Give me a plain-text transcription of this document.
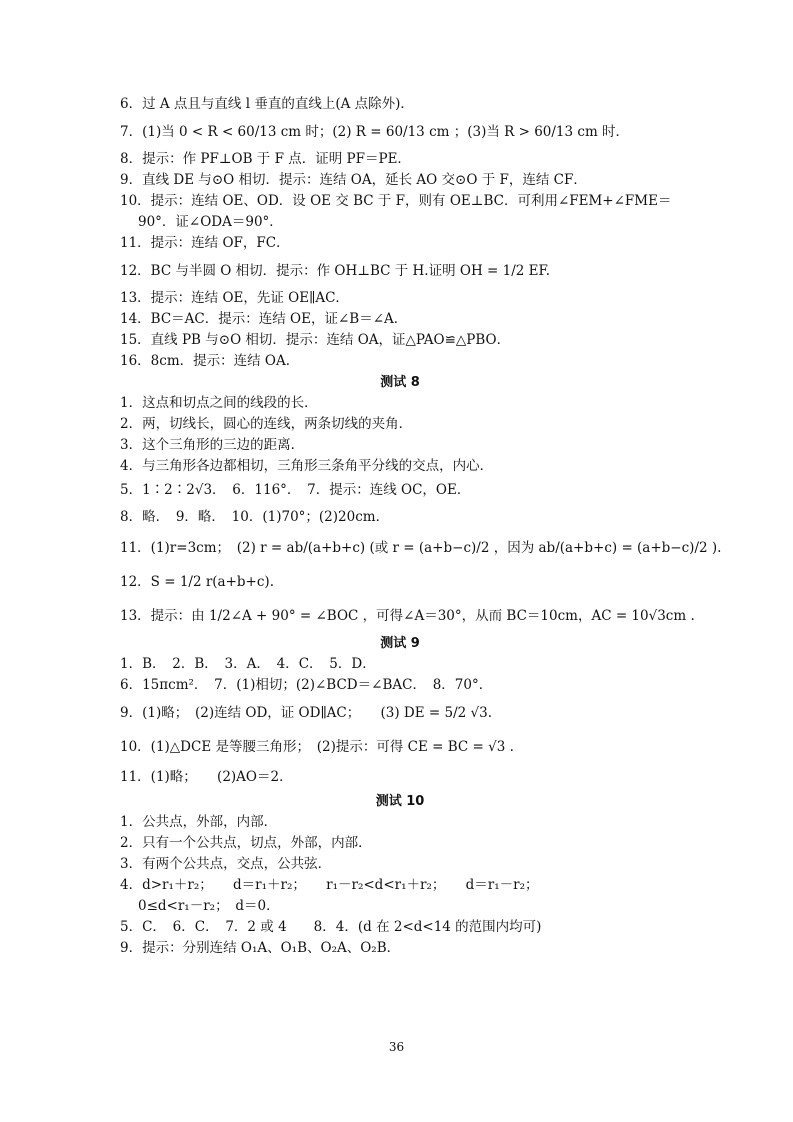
6．过 A 点且与直线 l 垂直的直线上(A 点除外)．
7．(1)当 0 < R < 60/13 cm 时；(2) R = 60/13 cm ；(3)当 R > 60/13 cm 时．
8．提示：作 PF⊥OB 于 F 点．证明 PF＝PE．
9．直线 DE 与⊙O 相切．提示：连结 OA，延长 AO 交⊙O 于 F，连结 CF．
10．提示：连结 OE、OD．设 OE 交 BC 于 F，则有 OE⊥BC．可利用∠FEM+∠FME＝
90°．证∠ODA＝90°．
11．提示：连结 OF，FC．
12．BC 与半圆 O 相切．提示：作 OH⊥BC 于 H.证明 OH = 1/2 EF.
13．提示：连结 OE，先证 OE∥AC．
14．BC＝AC．提示：连结 OE，证∠B＝∠A．
15．直线 PB 与⊙O 相切．提示：连结 OA，证△PAO≌△PBO．
16．8cm．提示：连结 OA．
测试 8
1．这点和切点之间的线段的长．
2．两，切线长，圆心的连线，两条切线的夹角．
3．这个三角形的三边的距离．
4．与三角形各边都相切，三角形三条角平分线的交点，内心．
5．1∶2∶2√3．　6．116°．　7．提示：连线 OC，OE．
8．略．　9．略．　10．(1)70°；(2)20cm．
11．(1)r=3cm；　(2) r = ab/(a+b+c) (或 r = (a+b−c)/2 ，因为 ab/(a+b+c) = (a+b−c)/2 ).
12．S = 1/2 r(a+b+c).
13．提示：由 1/2∠A + 90° = ∠BOC ，可得∠A＝30°，从而 BC＝10cm，AC = 10√3cm .
测试 9
1．B．　2．B．　3．A．　4．C．　5．D．
6．15πcm²．　7．(1)相切；(2)∠BCD＝∠BAC．　8．70°．
9．(1)略；　(2)连结 OD，证 OD∥AC；　　(3) DE = 5/2 √3.
10．(1)△DCE 是等腰三角形；　(2)提示：可得 CE = BC = √3 .
11．(1)略；　　(2)AO＝2．
测试 10
1．公共点，外部，内部．
2．只有一个公共点，切点，外部，内部．
3．有两个公共点，交点，公共弦．
4．d>r₁＋r₂；　　d＝r₁＋r₂；　　r₁－r₂<d<r₁＋r₂；　　d＝r₁－r₂；
0≤d<r₁－r₂；　d＝0．
5．C．　6．C．　7．2 或 4　　8．4．(d 在 2<d<14 的范围内均可)
9．提示：分别连结 O₁A、O₁B、O₂A、O₂B．
36
